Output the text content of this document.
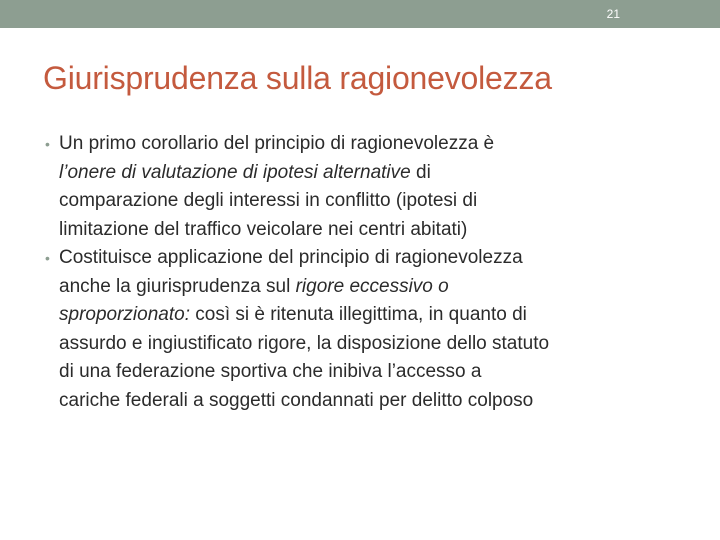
21
Giurisprudenza sulla ragionevolezza
• Un primo corollario del principio di ragionevolezza è
l’onere di valutazione di ipotesi alternative di
comparazione degli interessi in conflitto (ipotesi di
limitazione del traffico veicolare nei centri abitati)
• Costituisce applicazione del principio di ragionevolezza
anche la giurisprudenza sul rigore eccessivo o
sproporzionato: così si è ritenuta illegittima, in quanto di
assurdo e ingiustificato rigore, la disposizione dello statuto
di una federazione sportiva che inibiva l’accesso a
cariche federali a soggetti condannati per delitto colposo
